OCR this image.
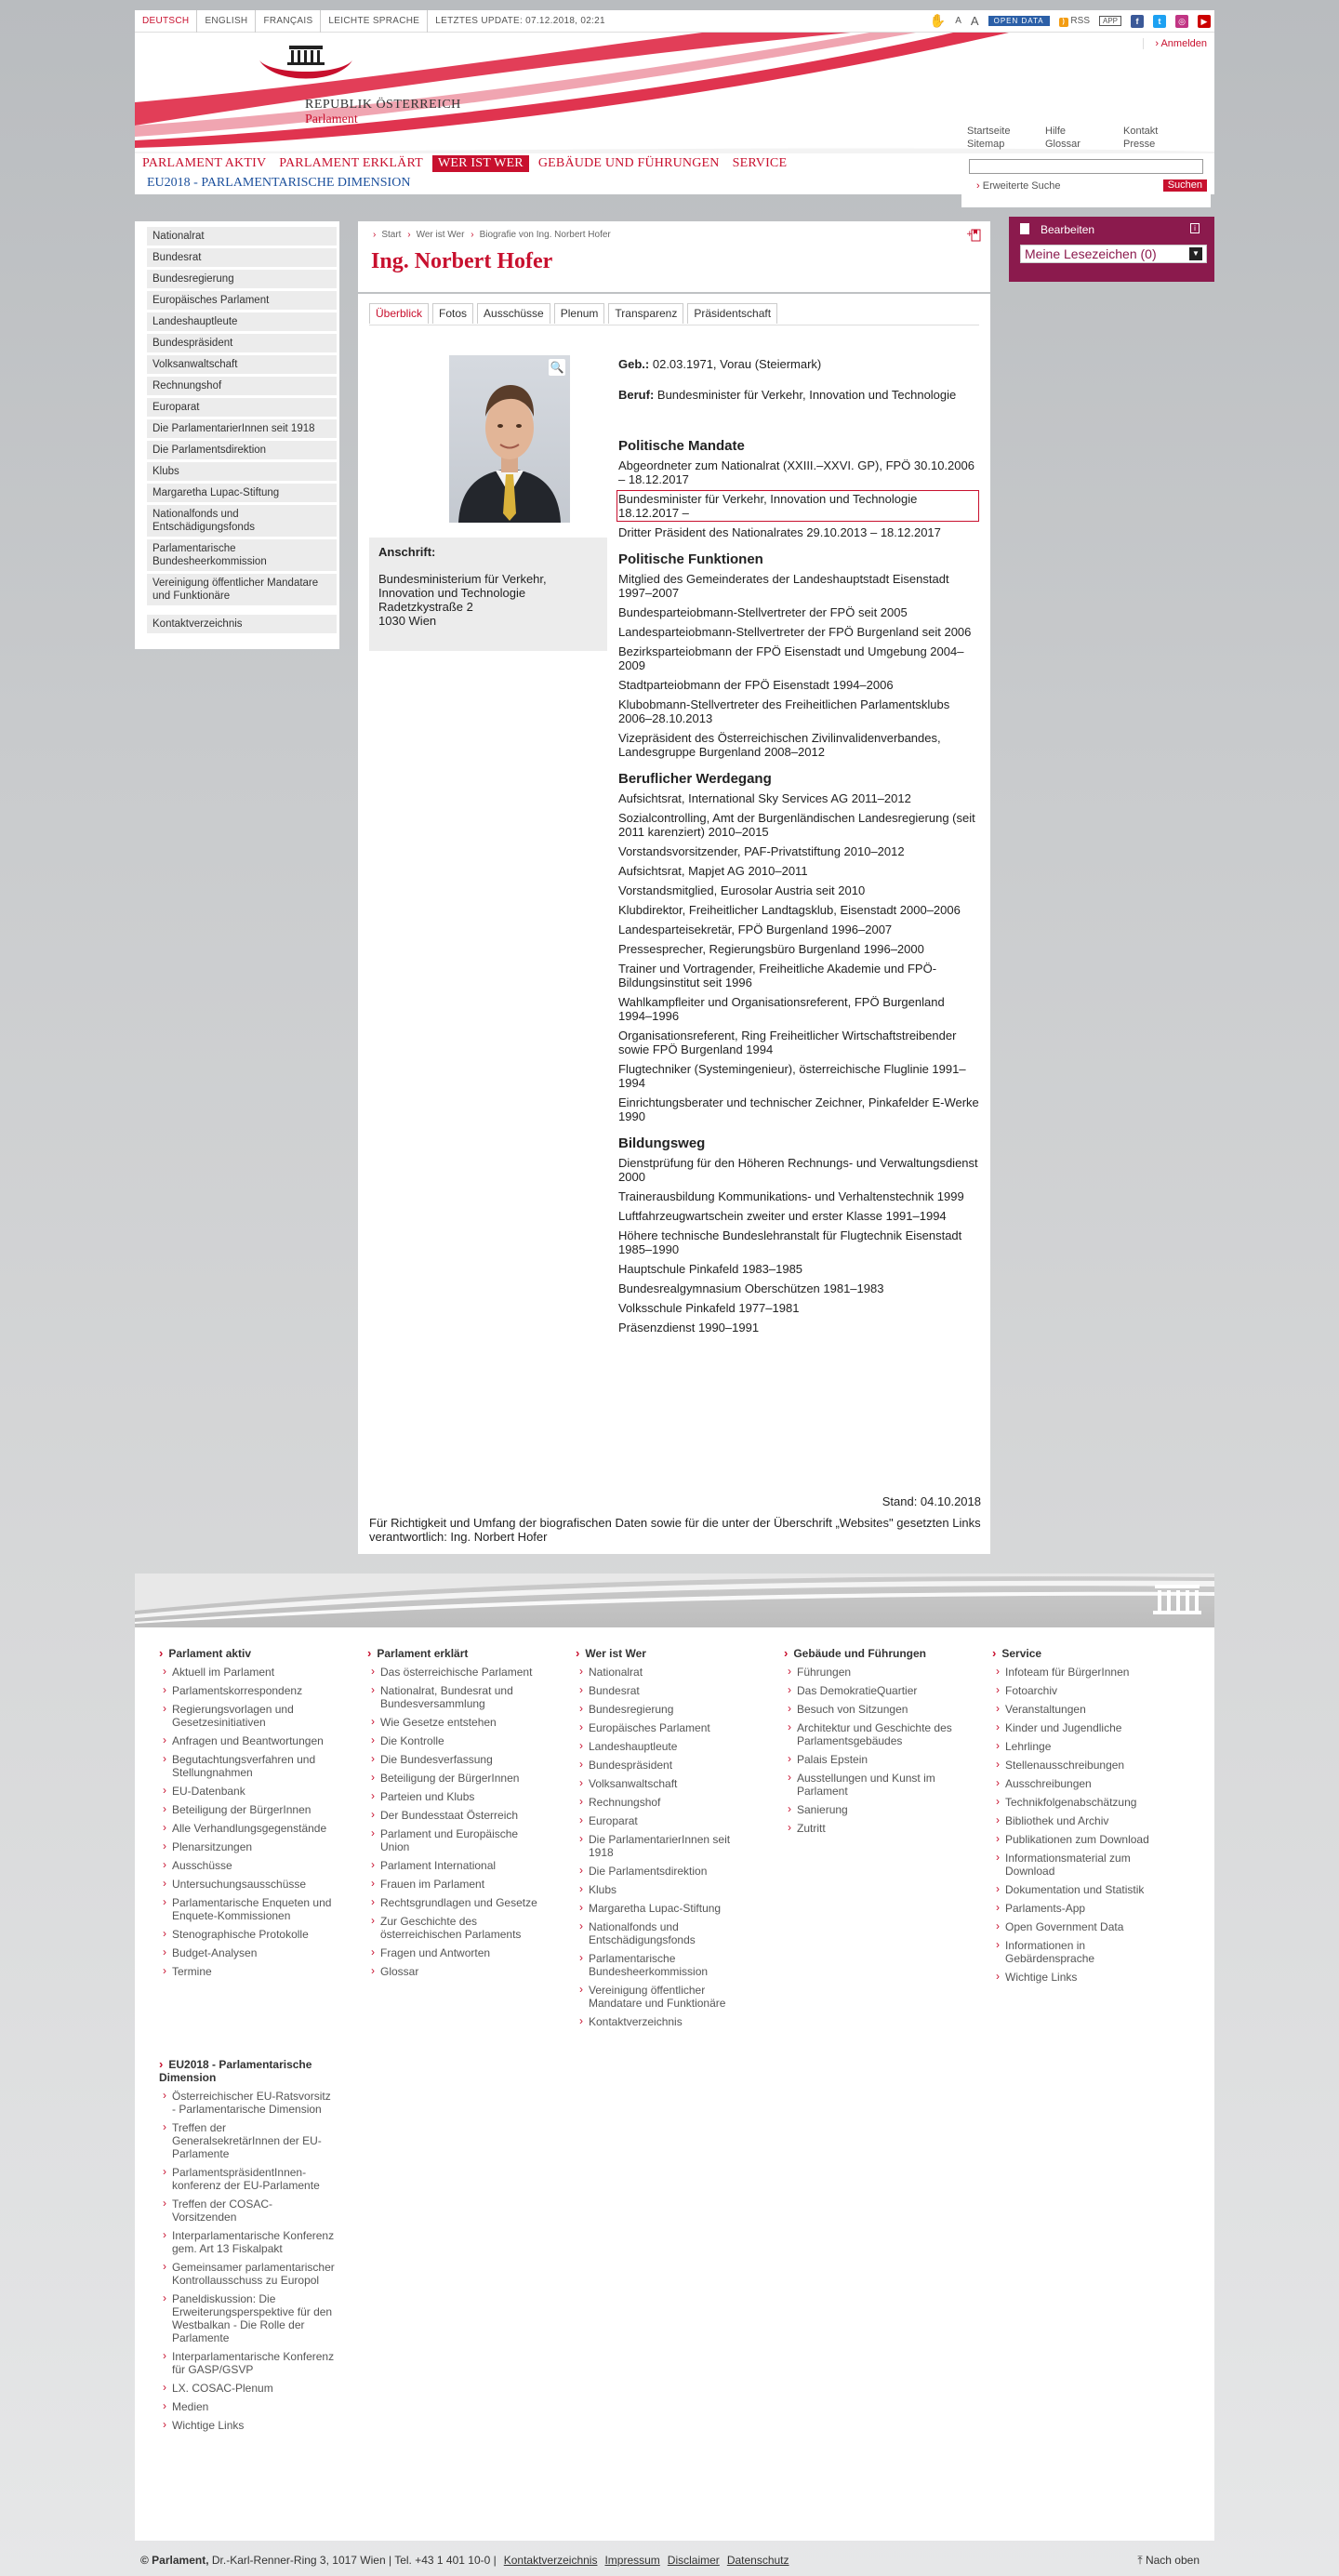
DEUTSCH	ENGLISH	FRANÇAIS	LEICHTE SPRACHE	LETZTES UPDATE: 07.12.2018, 02:21	✋ A A	OPEN DATA	) RSS	APP	f	t	◎	▶
› Anmelden
REPUBLIK ÖSTERREICH
Parlament
Startseite	Hilfe	Kontakt
Sitemap	Glossar	Presse
PARLAMENT AKTIV PARLAMENT ERKLÄRT	WER IST WER	GEBÄUDE UND FÜHRUNGEN SERVICE
EU2018 - PARLAMENTARISCHE DIMENSION	› Erweiterte Suche	Suchen
Nationalrat
Bundesrat
Bundesregierung
Europäisches Parlament
Landeshauptleute
Bundespräsident
Volksanwaltschaft
Rechnungshof
Europarat
Die ParlamentarierInnen seit 1918
Die Parlamentsdirektion
Klubs
Margaretha Lupac-Stiftung
Nationalfonds und Entschädigungsfonds
Parlamentarische Bundesheerkommission
Vereinigung öffentlicher Mandatare und Funktionäre
Kontaktverzeichnis
› Start › Wer ist Wer › Biografie von Ing. Norbert Hofer
Ing. Norbert Hofer
+
Überblick	Fotos	Ausschüsse	Plenum	Transparenz	Präsidentschaft
🔍
Anschrift:
Bundesministerium für Verkehr, Innovation und Technologie
Radetzkystraße 2
1030 Wien
Geb.: 02.03.1971, Vorau (Steiermark)
Beruf: Bundesminister für Verkehr, Innovation und Technologie
Politische Mandate
Abgeordneter zum Nationalrat (XXIII.–XXVI. GP), FPÖ 30.10.2006 – 18.12.2017
Bundesminister für Verkehr, Innovation und Technologie 18.12.2017 –
Dritter Präsident des Nationalrates 29.10.2013 – 18.12.2017
Politische Funktionen
Mitglied des Gemeinderates der Landeshauptstadt Eisenstadt 1997–2007
Bundesparteiobmann-Stellvertreter der FPÖ seit 2005
Landesparteiobmann-Stellvertreter der FPÖ Burgenland seit 2006
Bezirksparteiobmann der FPÖ Eisenstadt und Umgebung 2004–2009
Stadtparteiobmann der FPÖ Eisenstadt 1994–2006
Klubobmann-Stellvertreter des Freiheitlichen Parlamentsklubs 2006–28.10.2013
Vizepräsident des Österreichischen Zivilinvalidenverbandes, Landesgruppe Burgenland 2008–2012
Beruflicher Werdegang
Aufsichtsrat, International Sky Services AG 2011–2012
Sozialcontrolling, Amt der Burgenländischen Landesregierung (seit 2011 karenziert) 2010–2015
Vorstandsvorsitzender, PAF-Privatstiftung 2010–2012
Aufsichtsrat, Mapjet AG 2010–2011
Vorstandsmitglied, Eurosolar Austria seit 2010
Klubdirektor, Freiheitlicher Landtagsklub, Eisenstadt 2000–2006
Landesparteisekretär, FPÖ Burgenland 1996–2007
Pressesprecher, Regierungsbüro Burgenland 1996–2000
Trainer und Vortragender, Freiheitliche Akademie und FPÖ-Bildungsinstitut seit 1996
Wahlkampfleiter und Organisationsreferent, FPÖ Burgenland 1994–1996
Organisationsreferent, Ring Freiheitlicher Wirtschaftstreibender sowie FPÖ Burgenland 1994
Flugtechniker (Systemingenieur), österreichische Fluglinie 1991–1994
Einrichtungsberater und technischer Zeichner, Pinkafelder E-Werke 1990
Bildungsweg
Dienstprüfung für den Höheren Rechnungs- und Verwaltungsdienst 2000
Trainerausbildung Kommunikations- und Verhaltenstechnik 1999
Luftfahrzeugwartschein zweiter und erster Klasse 1991–1994
Höhere technische Bundeslehranstalt für Flugtechnik Eisenstadt 1985–1990
Hauptschule Pinkafeld 1983–1985
Bundesrealgymnasium Oberschützen 1981–1983
Volksschule Pinkafeld 1977–1981
Präsenzdienst 1990–1991
Stand: 04.10.2018
Für Richtigkeit und Umfang der biografischen Daten sowie für die unter der Überschrift „Websites" gesetzten Links verantwortlich: Ing. Norbert Hofer
Bearbeiten	i
Meine Lesezeichen (0)	▼
› Parlament aktiv
› Aktuell im Parlament
› Parlamentskorrespondenz
› Regierungsvorlagen und Gesetzesinitiativen
› Anfragen und Beantwortungen
› Begutachtungsverfahren und Stellungnahmen
› EU-Datenbank
› Beteiligung der BürgerInnen
› Alle Verhandlungsgegenstände
› Plenarsitzungen
› Ausschüsse
› Untersuchungsausschüsse
› Parlamentarische Enqueten und Enquete-Kommissionen
› Stenographische Protokolle
› Budget-Analysen
› Termine
› Parlament erklärt
› Das österreichische Parlament
› Nationalrat, Bundesrat und Bundesversammlung
› Wie Gesetze entstehen
› Die Kontrolle
› Die Bundesverfassung
› Beteiligung der BürgerInnen
› Parteien und Klubs
› Der Bundesstaat Österreich
› Parlament und Europäische Union
› Parlament International
› Frauen im Parlament
› Rechtsgrundlagen und Gesetze
› Zur Geschichte des österreichischen Parlaments
› Fragen und Antworten
› Glossar
› Wer ist Wer
› Nationalrat
› Bundesrat
› Bundesregierung
› Europäisches Parlament
› Landeshauptleute
› Bundespräsident
› Volksanwaltschaft
› Rechnungshof
› Europarat
› Die ParlamentarierInnen seit 1918
› Die Parlamentsdirektion
› Klubs
› Margaretha Lupac-Stiftung
› Nationalfonds und Entschädigungsfonds
› Parlamentarische Bundesheerkommission
› Vereinigung öffentlicher Mandatare und Funktionäre
› Kontaktverzeichnis
› Gebäude und Führungen
› Führungen
› Das DemokratieQuartier
› Besuch von Sitzungen
› Architektur und Geschichte des Parlamentsgebäudes
› Palais Epstein
› Ausstellungen und Kunst im Parlament
› Sanierung
› Zutritt
› Service
› Infoteam für BürgerInnen
› Fotoarchiv
› Veranstaltungen
› Kinder und Jugendliche
› Lehrlinge
› Stellenausschreibungen
› Ausschreibungen
› Technikfolgenabschätzung
› Bibliothek und Archiv
› Publikationen zum Download
› Informationsmaterial zum Download
› Dokumentation und Statistik
› Parlaments-App
› Open Government Data
› Informationen in Gebärdensprache
› Wichtige Links
› EU2018 - Parlamentarische Dimension
› Österreichischer EU-Ratsvorsitz - Parlamentarische Dimension
› Treffen der GeneralsekretärInnen der EU-Parlamente
› ParlamentspräsidentInnen-konferenz der EU-Parlamente
› Treffen der COSAC-Vorsitzenden
› Interparlamentarische Konferenz gem. Art 13 Fiskalpakt
› Gemeinsamer parlamentarischer Kontrollausschuss zu Europol
› Paneldiskussion: Die Erweiterungsperspektive für den Westbalkan - Die Rolle der Parlamente
› Interparlamentarische Konferenz für GASP/GSVP
› LX. COSAC-Plenum
› Medien
› Wichtige Links
© Parlament,
Dr.-Karl-Renner-Ring 3, 1017 Wien | Tel. +43 1 401 10-0 | Kontaktverzeichnis Impressum Disclaimer Datenschutz	⤒ Nach oben
